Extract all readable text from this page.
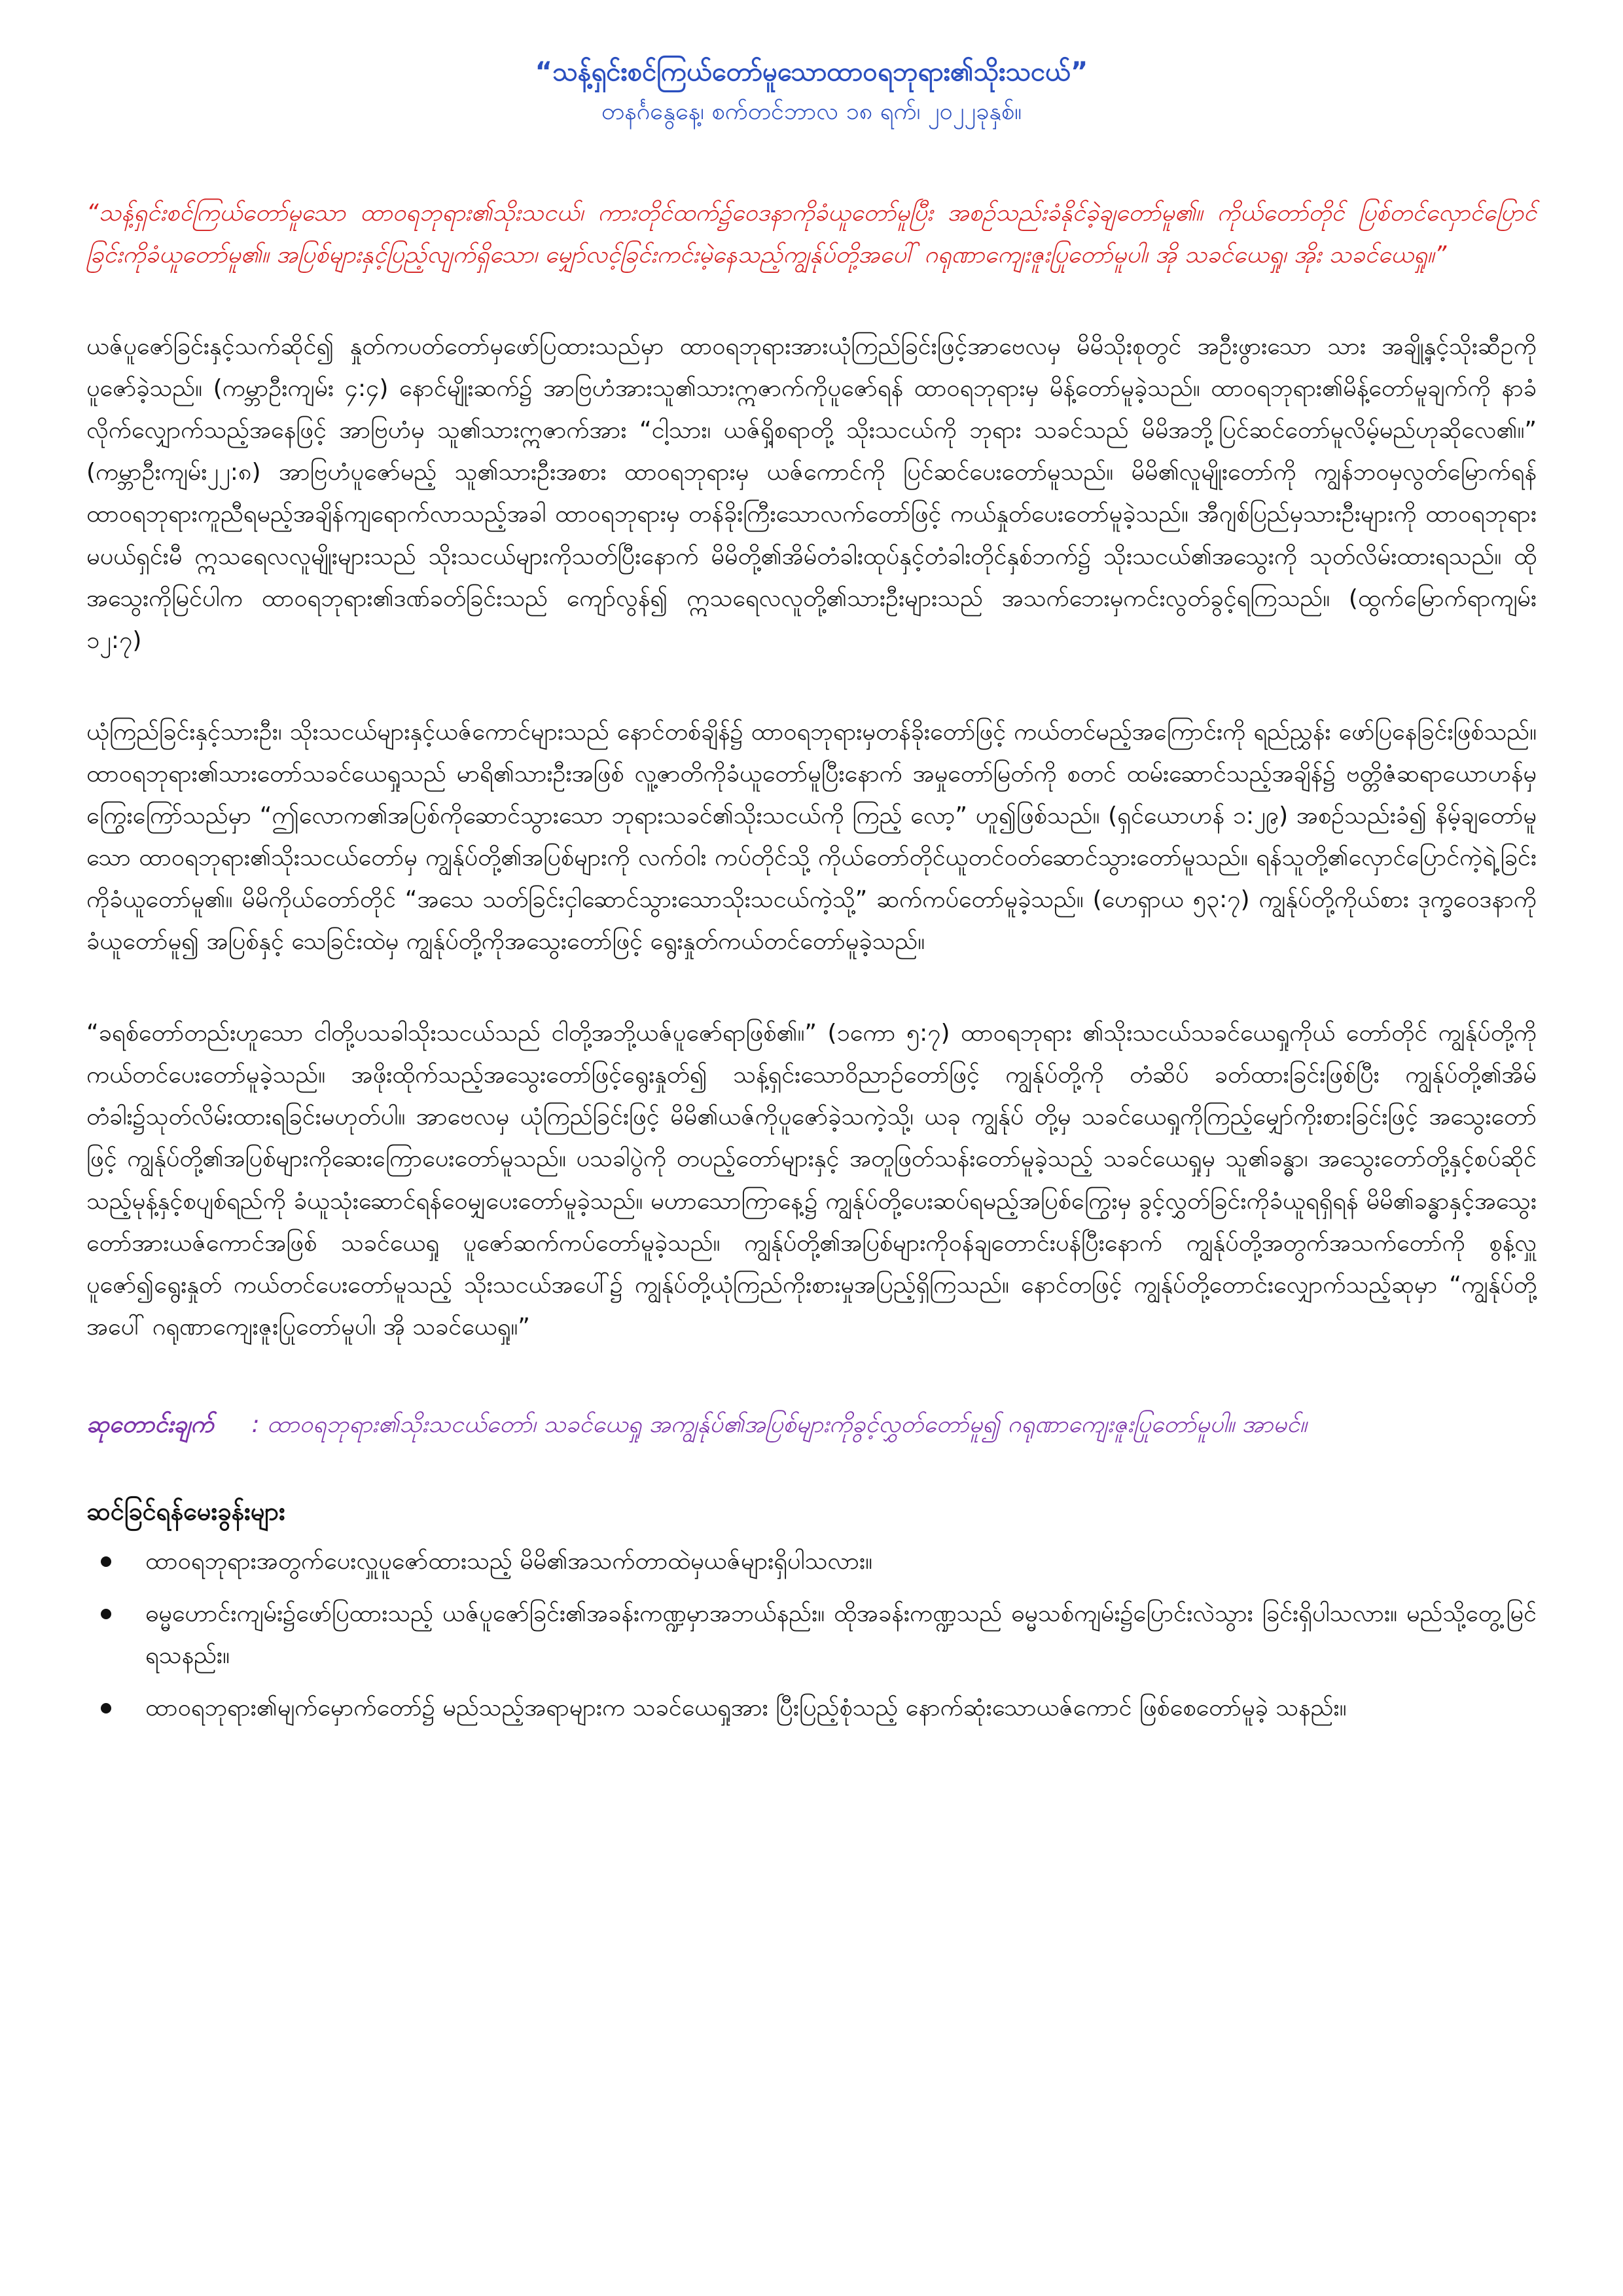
“သန့်ရှင်းစင်ကြယ်တော်မူသောထာဝရဘုရား၏သိုးသငယ်”

တနင်္ဂနွေနေ့၊ စက်တင်ဘာလ ၁၈ ရက်၊ ၂၀၂၂ခုနှစ်။

“သန့်ရှင်းစင်ကြယ်တော်မူသော ထာဝရဘုရား၏သိုးသငယ်၊ ကားတိုင်ထက်၌ဝေဒနာကိုခံယူတော်မူပြီး အစဉ်သည်းခံနိုင်ခဲ့ချတော်မူ၏။ ကိုယ်တော်တိုင် ပြစ်တင်လှောင်ပြောင်ခြင်းကိုခံယူတော်မူ၏။ အပြစ်များနှင့်ပြည့်လျက်ရှိသော၊ မျှော်လင့်ခြင်းကင်းမဲ့နေသည့်ကျွန်ုပ်တို့အပေါ် ဂရုဏာကျေးဇူးပြုတော်မူပါ၊ အို သခင်ယေရှု၊ အိုး သခင်ယေရှု။”

ယဇ်ပူဇော်ခြင်းနှင့်သက်ဆိုင်၍ နှုတ်ကပတ်တော်မှဖော်ပြထားသည်မှာ ထာဝရဘုရားအားယုံကြည်ခြင်းဖြင့်အာဗေလမှ မိမိသိုးစုတွင် အဦးဖွားသော သား အချို့နှင့်သိုးဆီဥကို ပူဇော်ခဲ့သည်။ (ကမ္ဘာဦးကျမ်း ၄:၄) နောင်မျိုးဆက်၌ အာဗြဟံအားသူ၏သားဣဇာက်ကိုပူဇော်ရန် ထာဝရဘုရားမှ မိန့်တော်မူခဲ့သည်။ ထာဝရဘုရား၏မိန့်တော်မူချက်ကို နာခံလိုက်လျှောက်သည့်အနေဖြင့် အာဗြဟံမှ သူ၏သားဣဇာက်အား “ငါ့သား၊ ယဇ်ရှိ့စရာတို့ သိုးသငယ်ကို ဘုရား သခင်သည် မိမိအဘို့ပြင်ဆင်တော်မူလိမ့်မည်ဟုဆိုလေ၏။” (ကမ္ဘာဦးကျမ်း၂၂:၈) အာဗြဟံပူဇော်မည့် သူ၏သားဦးအစား ထာဝရဘုရားမှ ယဇ်ကောင်ကို ပြင်ဆင်ပေးတော်မူသည်။ မိမိ၏လူမျိုးတော်ကို ကျွန်ဘဝမှလွတ်မြောက်ရန် ထာဝရဘုရားကူညီရမည့်အချိန်ကျရောက်လာသည့်အခါ ထာဝရဘုရားမှ တန်ခိုးကြီးသောလက်တော်ဖြင့် ကယ်နှုတ်ပေးတော်မူခဲ့သည်။ အီဂျစ်ပြည်မှသားဦးများကို ထာဝရဘုရားမပယ်ရှင်းမီ ဣသရေလလူမျိုးများသည် သိုးသငယ်များကိုသတ်ပြီးနောက် မိမိတို့၏အိမ်တံခါးထုပ်နှင့်တံခါးတိုင်နှစ်ဘက်၌ သိုးသငယ်၏အသွေးကို သုတ်လိမ်းထားရသည်။ ထိုအသွေးကိုမြင်ပါက ထာဝရဘုရား၏ဒဏ်ခတ်ခြင်းသည် ကျော်လွန်၍ ဣသရေလလူတို့၏သားဦးများသည် အသက်ဘေးမှကင်းလွတ်ခွင့်ရကြသည်။ (ထွက်မြောက်ရာကျမ်း ၁၂:၇)

ယုံကြည်ခြင်းနှင့်သားဦး၊ သိုးသငယ်များနှင့်ယဇ်ကောင်များသည် နောင်တစ်ချိန်၌ ထာဝရဘုရားမှတန်ခိုးတော်ဖြင့် ကယ်တင်မည့်အကြောင်းကို ရည်ညွှန်း ဖော်ပြနေခြင်းဖြစ်သည်။ ထာဝရဘုရား၏သားတော်သခင်ယေရှုသည် မာရိ၏သားဦးအဖြစ် လူ့ဇာတိကိုခံယူတော်မူပြီးနောက် အမှုတော်မြတ်ကို စတင် ထမ်းဆောင်သည့်အချိန်၌ ဗတ္တိဇံဆရာယောဟန်မှကြွေးကြော်သည်မှာ “ဤလောက၏အပြစ်ကိုဆောင်သွားသော ဘုရားသခင်၏သိုးသငယ်ကို ကြည့် လော့” ဟူ၍ဖြစ်သည်။ (ရှင်ယောဟန် ၁:၂၉) အစဉ်သည်းခံ၍ နိမ့်ချတော်မူသော ထာဝရဘုရား၏သိုးသငယ်တော်မှ ကျွန်ုပ်တို့၏အပြစ်များကို လက်ဝါး ကပ်တိုင်သို့ ကိုယ်တော်တိုင်ယူတင်ဝတ်ဆောင်သွားတော်မူသည်။ ရန်သူတို့၏လှောင်ပြောင်ကဲ့ရဲ့ခြင်းကိုခံယူတော်မူ၏။ မိမိကိုယ်တော်တိုင် “အသေ သတ်ခြင်းငှါဆောင်သွားသောသိုးသငယ်ကဲ့သို့” ဆက်ကပ်တော်မူခဲ့သည်။ (ဟေရှာယ ၅၃:၇) ကျွန်ုပ်တို့ကိုယ်စား ဒုက္ခဝေဒနာကိုခံယူတော်မူ၍ အပြစ်နှင့် သေခြင်းထဲမှ ကျွန်ုပ်တို့ကိုအသွေးတော်ဖြင့် ရွေးနှုတ်ကယ်တင်တော်မူခဲ့သည်။

“ခရစ်တော်တည်းဟူသော ငါတို့ပသခါသိုးသငယ်သည် ငါတို့အဘို့ယဇ်ပူဇော်ရာဖြစ်၏။” (၁ကော ၅:၇) ထာဝရဘုရား ၏သိုးသငယ်သခင်ယေရှုကိုယ် တော်တိုင် ကျွန်ုပ်တို့ကိုကယ်တင်ပေးတော်မူခဲ့သည်။ အဖိုးထိုက်သည့်အသွေးတော်ဖြင့်ရွေးနှုတ်၍ သန့်ရှင်းသောဝိညာဉ်တော်ဖြင့် ကျွန်ုပ်တို့ကို တံဆိပ် ခတ်ထားခြင်းဖြစ်ပြီး ကျွန်ုပ်တို့၏အိမ်တံခါး၌သုတ်လိမ်းထားရခြင်းမဟုတ်ပါ။ အာဗေလမှ ယုံကြည်ခြင်းဖြင့် မိမိ၏ယဇ်ကိုပူဇော်ခဲ့သကဲ့သို့၊ ယခု ကျွန်ုပ် တို့မှ သခင်ယေရှုကိုကြည့်မျှော်ကိုးစားခြင်းဖြင့် အသွေးတော်ဖြင့် ကျွန်ုပ်တို့၏အပြစ်များကိုဆေးကြောပေးတော်မူသည်။ ပသခါပွဲကို တပည့်တော်များနှင့် အတူဖြတ်သန်းတော်မူခဲ့သည့် သခင်ယေရှုမှ သူ၏ခန္ဓာ၊ အသွေးတော်တို့နှင့်စပ်ဆိုင်သည့်မုန့်နှင့်စပျစ်ရည်ကို ခံယူသုံးဆောင်ရန်ဝေမျှပေးတော်မူခဲ့သည်။ မဟာသောကြာနေ့၌ ကျွန်ုပ်တို့ပေးဆပ်ရမည့်အပြစ်ကြွေးမှ ခွင့်လွှတ်ခြင်းကိုခံယူရရှိရန် မိမိ၏ခန္ဓာနှင့်အသွေးတော်အားယဇ်ကောင်အဖြစ် သခင်ယေရှု ပူဇော်ဆက်ကပ်တော်မူခဲ့သည်။ ကျွန်ုပ်တို့၏အပြစ်များကိုဝန်ချတောင်းပန်ပြီးနောက် ကျွန်ုပ်တို့အတွက်အသက်တော်ကို စွန့်လှူပူဇော်၍ရွေးနှုတ် ကယ်တင်ပေးတော်မူသည့် သိုးသငယ်အပေါ်၌ ကျွန်ုပ်တို့ယုံကြည်ကိုးစားမှုအပြည့်ရှိကြသည်။ နောင်တဖြင့် ကျွန်ုပ်တို့တောင်းလျှောက်သည့်ဆုမှာ “ကျွန်ုပ်တို့အပေါ် ဂရုဏာကျေးဇူးပြုတော်မူပါ၊ အို သခင်ယေရှု။”

ဆုတောင်းချက် : ထာဝရဘုရား၏သိုးသငယ်တော်၊ သခင်ယေရှု အကျွန်ုပ်၏အပြစ်များကိုခွင့်လွှတ်တော်မူ၍ ဂရုဏာကျေးဇူးပြုတော်မူပါ။ အာမင်။

ဆင်ခြင်ရန်မေးခွန်းများ
ထာဝရဘုရားအတွက်ပေးလှူပူဇော်ထားသည့် မိမိ၏အသက်တာထဲမှယဇ်များရှိပါသလား။
ဓမ္မဟောင်းကျမ်း၌ဖော်ပြထားသည့် ယဇ်ပူဇော်ခြင်း၏အခန်းကဏ္ဍမှာအဘယ်နည်း။ ထိုအခန်းကဏ္ဍသည် ဓမ္မသစ်ကျမ်း၌ပြောင်းလဲသွား ခြင်းရှိပါသလား။ မည်သို့တွေ့မြင်ရသနည်း။
ထာဝရဘုရား၏မျက်မှောက်တော်၌ မည်သည့်အရာများက သခင်ယေရှုအား ပြီးပြည့်စုံသည့် နောက်ဆုံးသောယဇ်ကောင် ဖြစ်စေတော်မူခဲ့ သနည်း။
